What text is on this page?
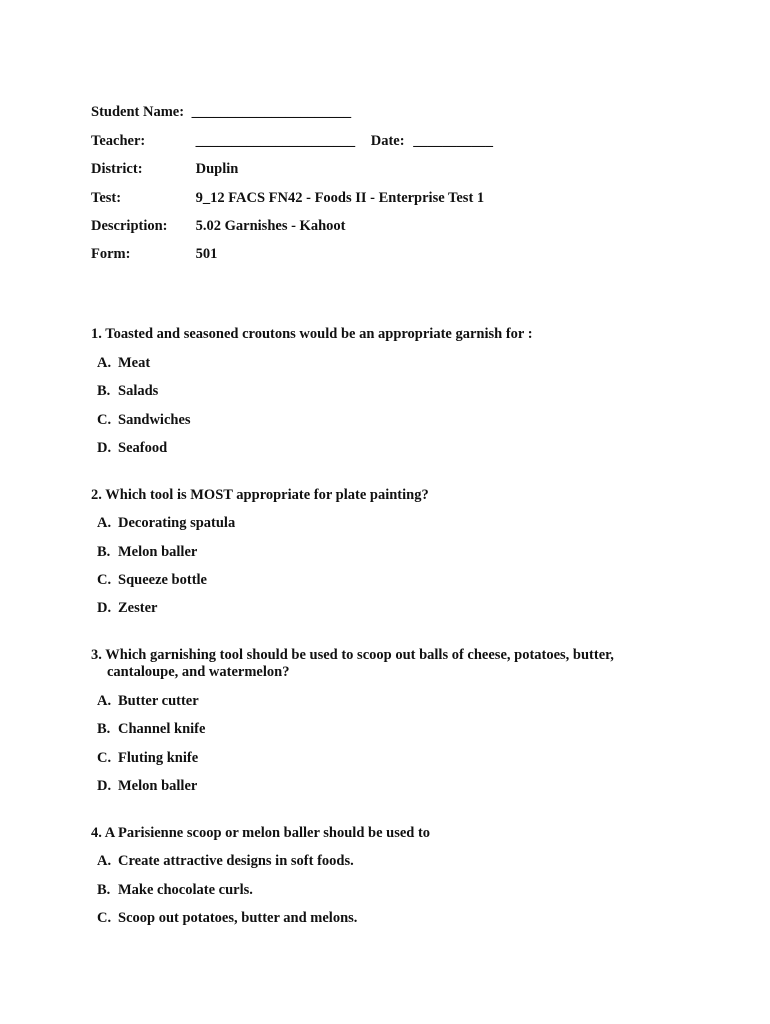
Student Name: ______________________
Teacher:	______________________ Date: ___________
District:	Duplin
Test:	9_12 FACS FN42 - Foods II - Enterprise Test 1
Description: 5.02 Garnishes - Kahoot
Form:	501
1. Toasted and seasoned croutons would be an appropriate garnish for :
A. Meat
B. Salads
C. Sandwiches
D. Seafood
2. Which tool is MOST appropriate for plate painting?
A. Decorating spatula
B. Melon baller
C. Squeeze bottle
D. Zester
3. Which garnishing tool should be used to scoop out balls of cheese, potatoes, butter,
cantaloupe, and watermelon?
A. Butter cutter
B. Channel knife
C. Fluting knife
D. Melon baller
4. A Parisienne scoop or melon baller should be used to
A. Create attractive designs in soft foods.
B. Make chocolate curls.
C. Scoop out potatoes, butter and melons.
